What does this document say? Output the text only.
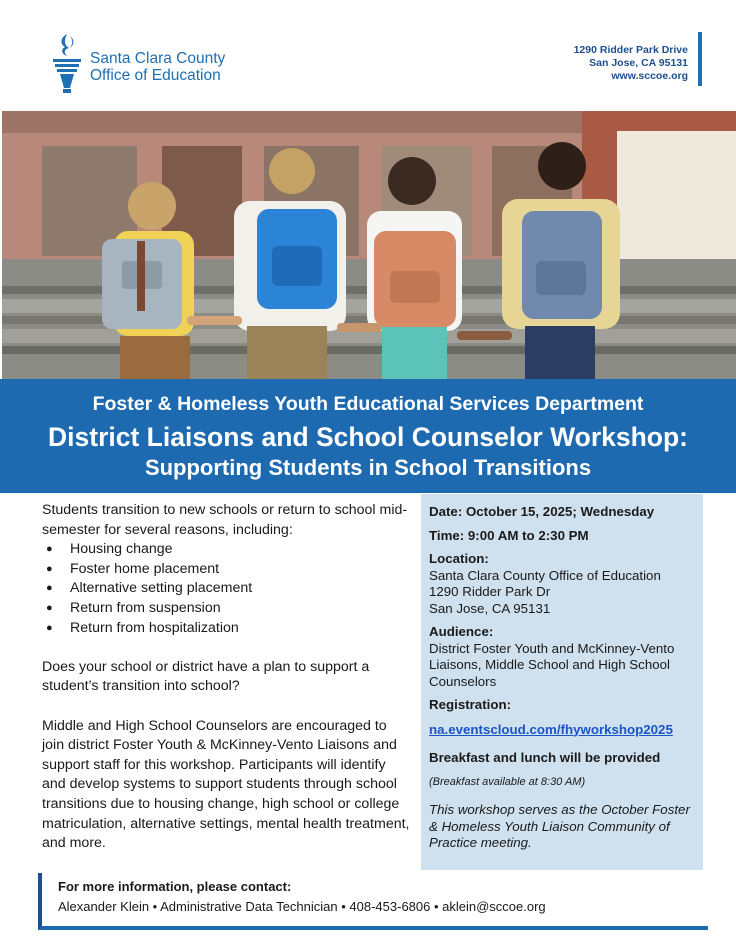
Santa Clara County
Office of Education
1290 Ridder Park Drive
San Jose, CA 95131
www.sccoe.org
Foster & Homeless Youth Educational Services Department
District Liaisons and School Counselor Workshop:
Supporting Students in School Transitions

Students transition to new schools or return to school mid-semester for several reasons, including:

● Housing change
● Foster home placement
● Alternative setting placement
● Return from suspension
● Return from hospitalization

Does your school or district have a plan to support a student’s transition into school?

Middle and High School Counselors are encouraged to join district Foster Youth & McKinney-Vento Liaisons and support staff for this workshop. Participants will identify and develop systems to support students through school transitions due to housing change, high school or college matriculation, alternative settings, mental health treatment, and more.

Date: October 15, 2025; Wednesday
Time: 9:00 AM to 2:30 PM
Location:
Santa Clara County Office of Education
1290 Ridder Park Dr
San Jose, CA 95131
Audience:
District Foster Youth and McKinney-Vento Liaisons, Middle School and High School Counselors
Registration:
na.eventscloud.com/fhyworkshop2025
Breakfast and lunch will be provided
(Breakfast available at 8:30 AM)
This workshop serves as the October Foster & Homeless Youth Liaison Community of Practice meeting.
For more information, please contact:
Alexander Klein • Administrative Data Technician • 408-453-6806 • aklein@sccoe.org
